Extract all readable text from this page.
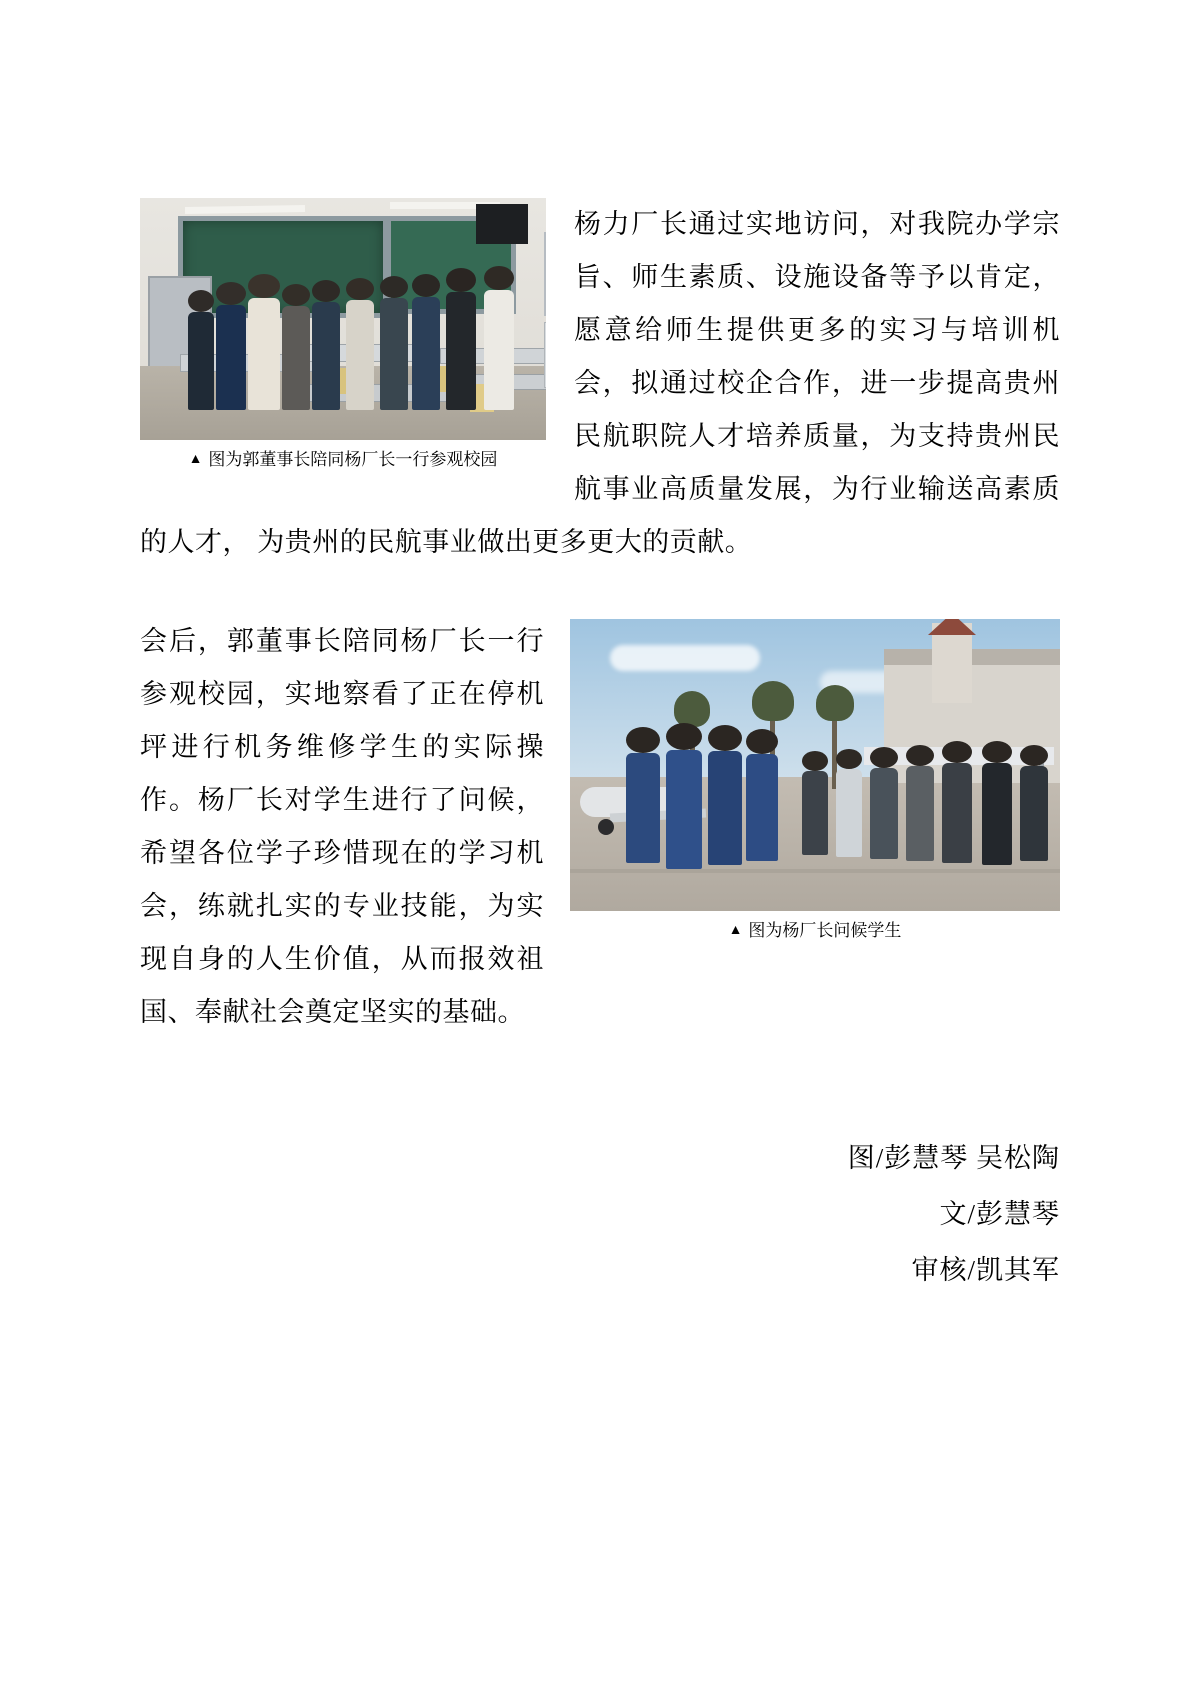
▲ 图为郭董事长陪同杨厂长一行参观校园
杨力厂长通过实地访问，对我院办学宗旨、师生素质、设施设备等予以肯定，愿意给师生提供更多的实习与培训机会，拟通过校企合作，进一步提高贵州民航职院人才培养质量，为支持贵州民航事业高质量发展，为行业输送高素质的人才， 为贵州的民航事业做出更多更大的贡献。
▲ 图为杨厂长问候学生
会后，郭董事长陪同杨厂长一行参观校园，实地察看了正在停机坪进行机务维修学生的实际操作。杨厂长对学生进行了问候，希望各位学子珍惜现在的学习机会，练就扎实的专业技能，为实现自身的人生价值，从而报效祖国、奉献社会奠定坚实的基础。
图/彭慧琴 吴松陶
文/彭慧琴
审核/凯其军
